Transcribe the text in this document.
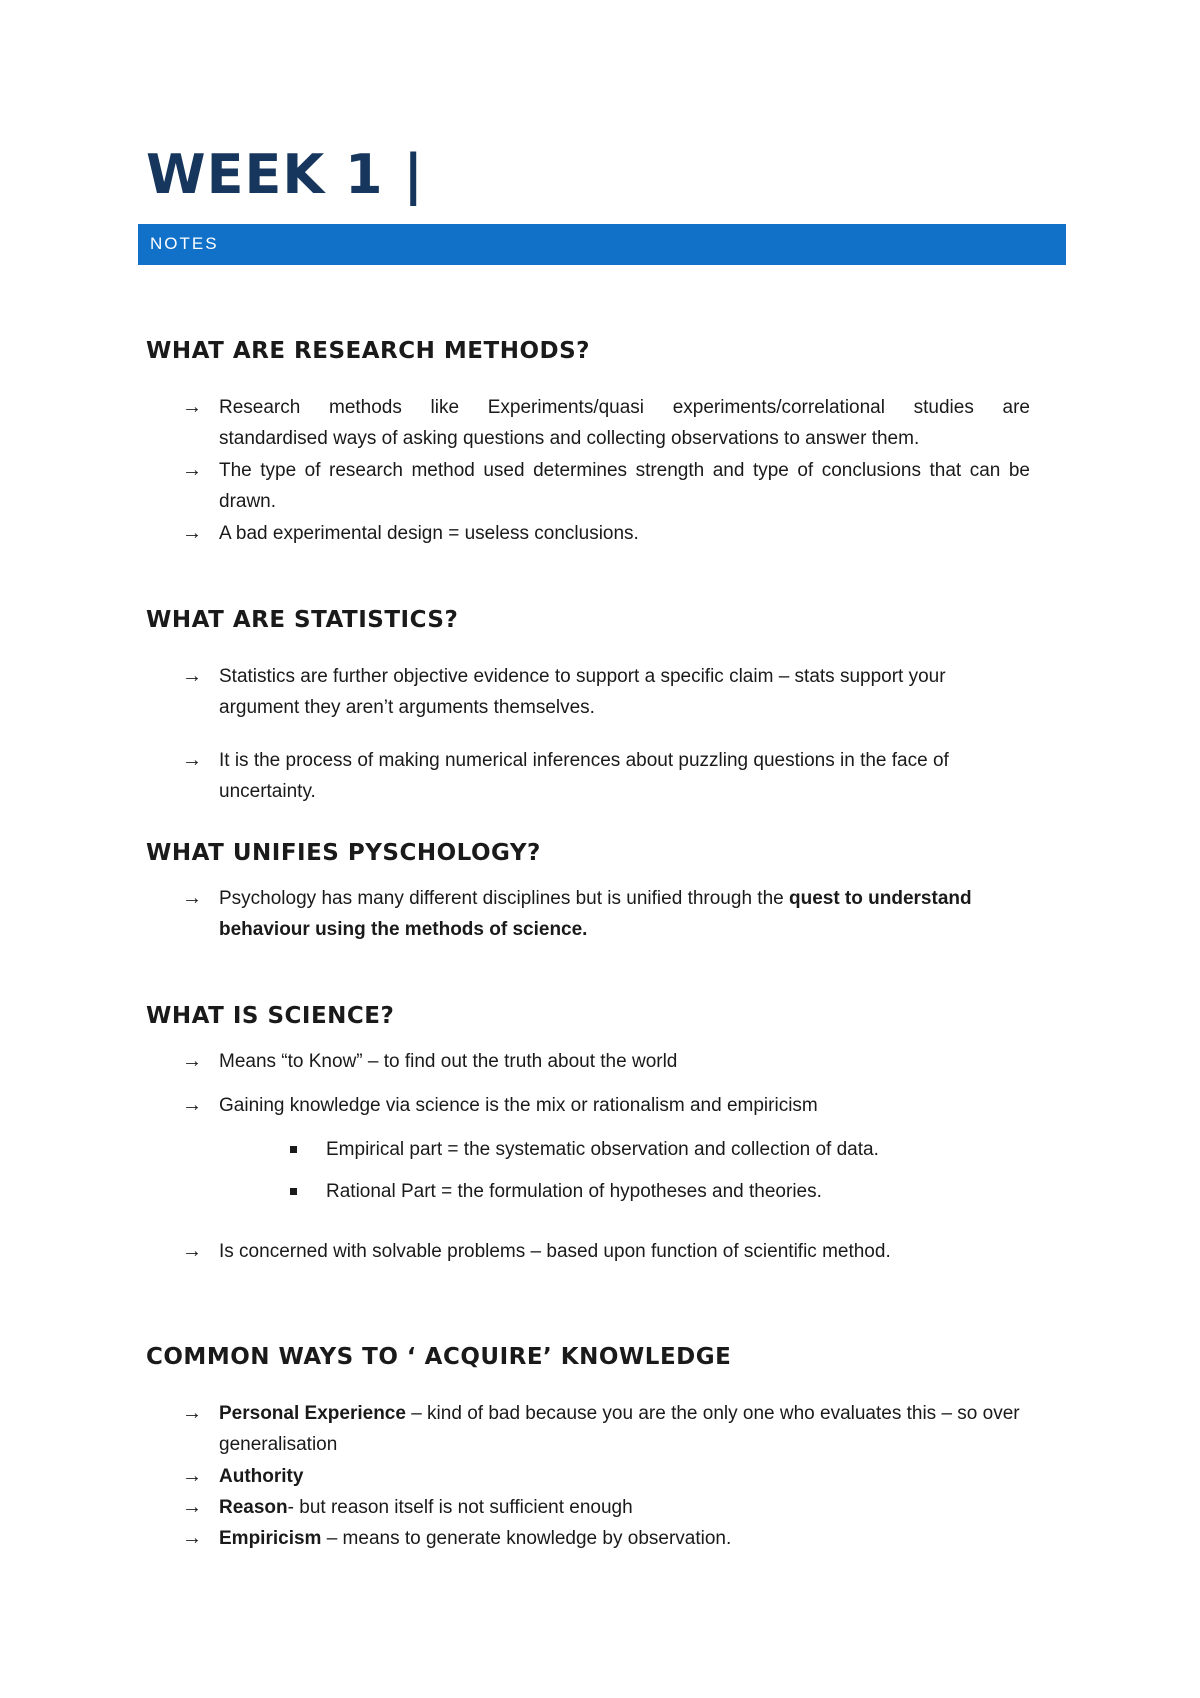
WEEK 1 |
NOTES
WHAT ARE RESEARCH METHODS?
→ Research methods like Experiments/quasi experiments/correlational studies are
standardised ways of asking questions and collecting observations to answer them.
→ The type of research method used determines strength and type of conclusions that can be drawn.
→ A bad experimental design = useless conclusions.
WHAT ARE STATISTICS?
→ Statistics are further objective evidence to support a specific claim – stats support your argument they aren’t arguments themselves.
→ It is the process of making numerical inferences about puzzling questions in the face of uncertainty.
WHAT UNIFIES PYSCHOLOGY?
→ Psychology has many different disciplines but is unified through the quest to understand behaviour using the methods of science.
WHAT IS SCIENCE?
→ Means “to Know” – to find out the truth about the world
→ Gaining knowledge via science is the mix or rationalism and empiricism
Empirical part = the systematic observation and collection of data.
Rational Part = the formulation of hypotheses and theories.
→ Is concerned with solvable problems – based upon function of scientific method.
COMMON WAYS TO ‘ ACQUIRE’ KNOWLEDGE
→ Personal Experience – kind of bad because you are the only one who evaluates this – so over generalisation
→ Authority
→ Reason- but reason itself is not sufficient enough
→ Empiricism – means to generate knowledge by observation.
